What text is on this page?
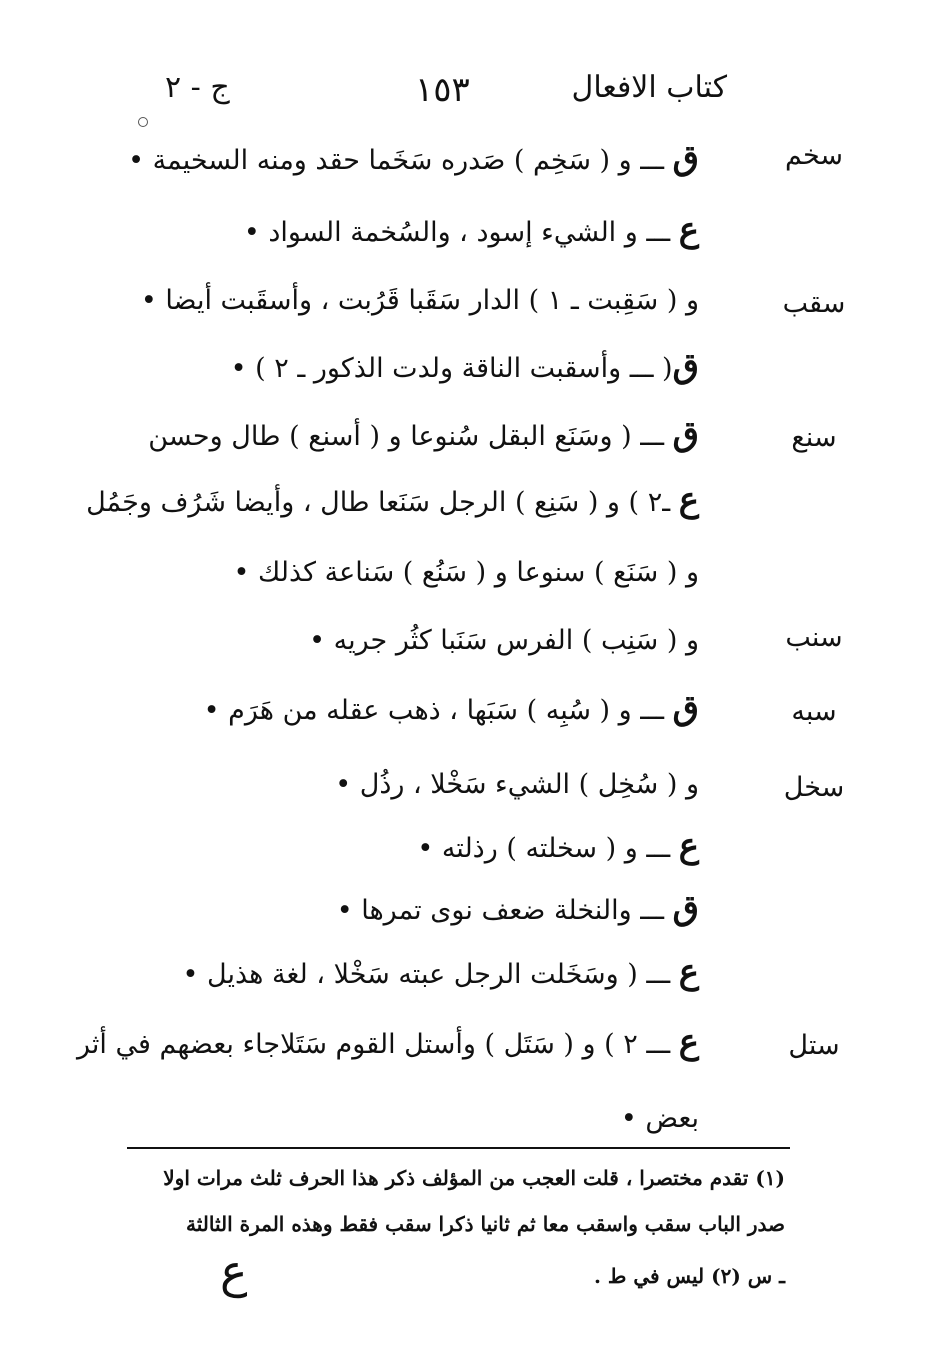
كتاب الافعال
١٥٣
ج - ٢
سخم
ق ـــ و ( سَخِم ) صَدره سَخَما حقد ومنه السخيمة •
ع ـــ و الشيء إسود ، والسُخمة السواد •
سقب
و ( سَقِبت ـ ١ ) الدار سَقَبا قَرُبت ، وأسقَبت أيضا •
ق( ـــ وأسقبت الناقة ولدت الذكور ـ ٢ ) •
سنع
ق ـــ ( وسَنَع البقل سُنوعا و ( أسنع ) طال وحسن
ع ـ٢ ) و ( سَنِع ) الرجل سَنَعا طال ، وأيضا شَرُف وجَمُل
و ( سَنَع ) سنوعا و ( سَنُع ) سَناعة كذلك •
سنب
و ( سَنِب ) الفرس سَنَبا كثُر جريه •
سبه
ق ـــ و ( سُبِه ) سَبَها ، ذهب عقله من هَرَم •
سخل
و ( سُخِل ) الشيء سَخْلا ، رذُل •
ع ـــ و ( سخلته ) رذلته •
ق ـــ والنخلة ضعف نوى تمرها •
ع ـــ ( وسَخَلت الرجل عبته سَخْلا ، لغة هذيل •
ستل
ع ـــ ٢ ) و ( سَتَل ) وأستل القوم سَتَلاجاء بعضهم في أثر
بعض •
(١) تقدم مختصرا ، قلت العجب من المؤلف ذكر هذا الحرف ثلث مرات اولا
صدر الباب سقب واسقب معا ثم ثانيا ذكرا سقب فقط وهذه المرة الثالثة
ـ س (٢) ليس في ط .
ع
